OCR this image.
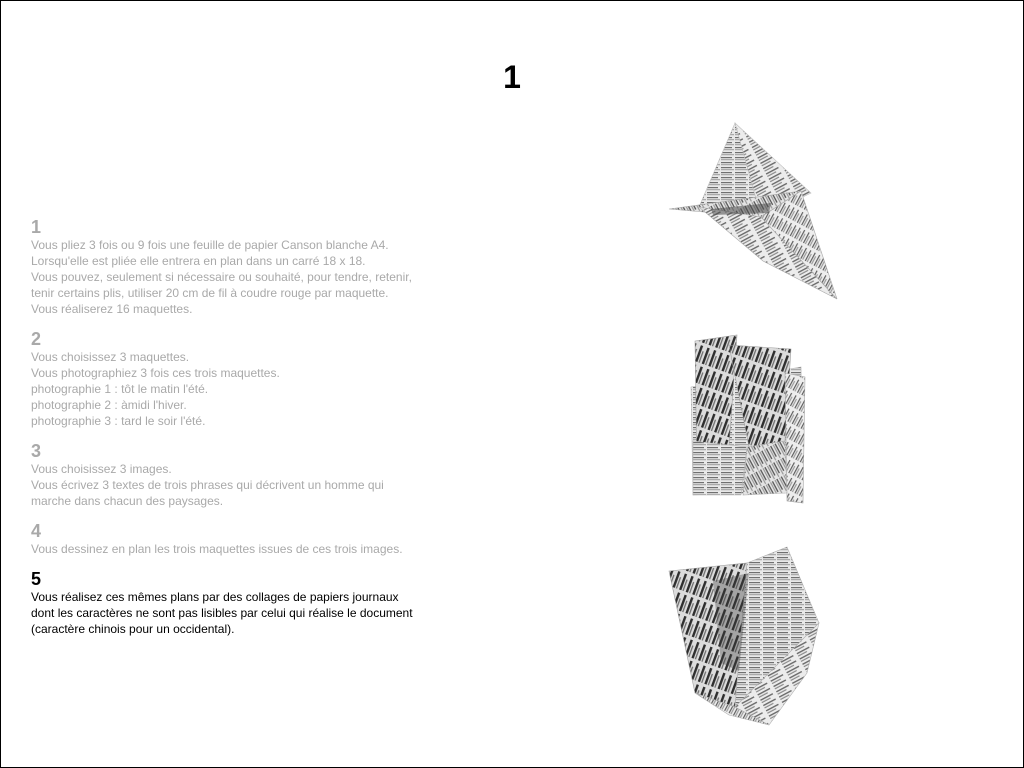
1
1
Vous pliez 3 fois ou 9 fois une feuille de papier Canson blanche A4.
Lorsqu'elle est pliée elle entrera en plan dans un carré 18 x 18.
Vous pouvez, seulement si nécessaire ou souhaité, pour tendre, retenir,
tenir certains plis, utiliser 20 cm de fil à coudre rouge par maquette.
Vous réaliserez 16 maquettes.
2
Vous choisissez 3 maquettes.
Vous photographiez 3 fois ces trois maquettes.
photographie 1 : tôt le matin l'été.
photographie 2 : àmidi l'hiver.
photographie 3 : tard le soir l'été.
3
Vous choisissez 3 images.
Vous écrivez 3 textes de trois phrases qui décrivent un homme qui
marche dans chacun des paysages.
4
Vous dessinez en plan les trois maquettes issues de ces trois images.
5
Vous réalisez ces mêmes plans par des collages de papiers journaux
dont les caractères ne sont pas lisibles par celui qui réalise le document
(caractère chinois pour un occidental).
